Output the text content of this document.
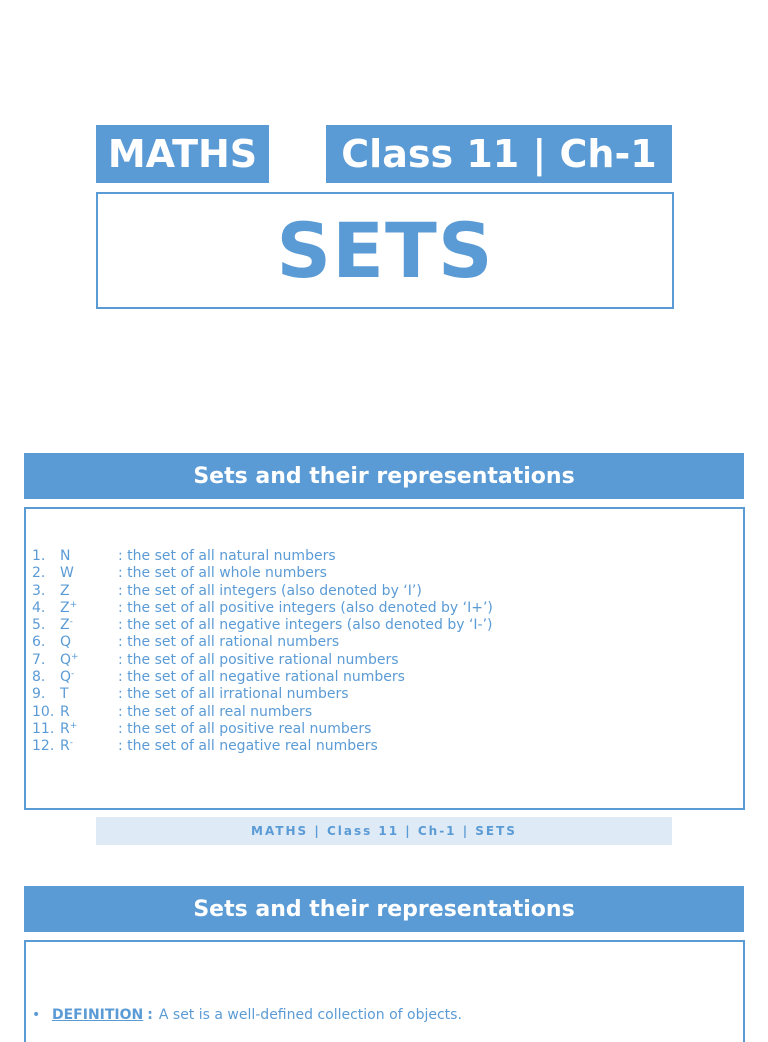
MATHS	Class 11 | Ch-1
SETS
Sets and their representations
1.	N	: the set of all natural numbers
2.	W	: the set of all whole numbers
3.	Z	: the set of all integers (also denoted by ‘I’)
4.	Z+	: the set of all positive integers (also denoted by ‘I+’)
5.	Z-	: the set of all negative integers (also denoted by ‘I-’)
6.	Q	: the set of all rational numbers
7.	Q+	: the set of all positive rational numbers
8.	Q-	: the set of all negative rational numbers
9.	T	: the set of all irrational numbers
10. R	: the set of all real numbers
11. R+	: the set of all positive real numbers
12. R-	: the set of all negative real numbers
MATHS | Class 11 | Ch-1 | SETS
Sets and their representations
• DEFINITION : A set is a well-defined collection of objects.
